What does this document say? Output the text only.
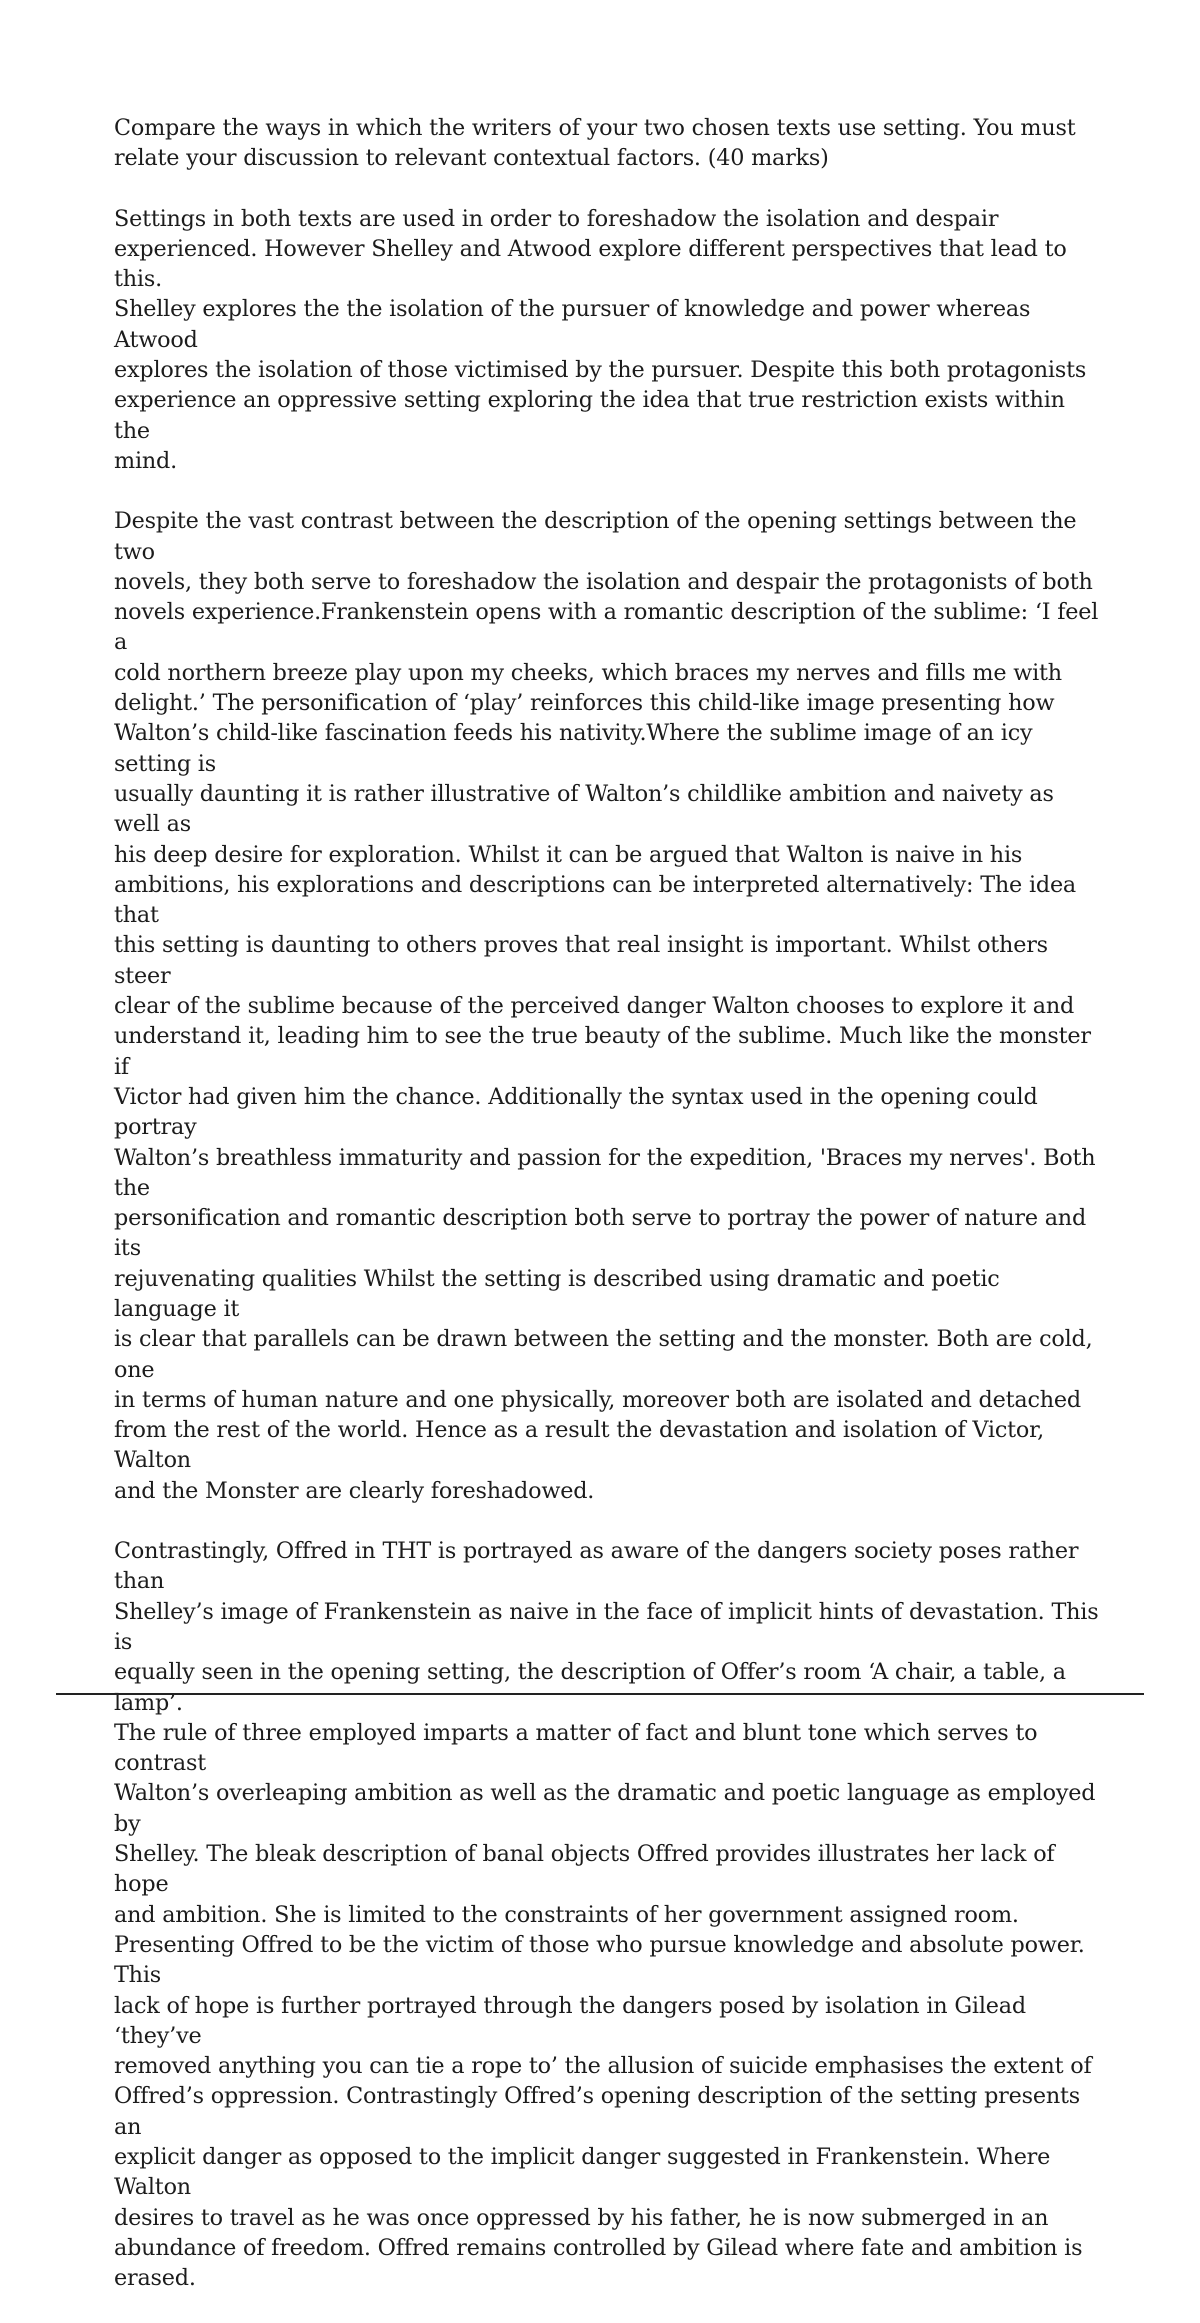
Compare the ways in which the writers of your two chosen texts use setting. You must
relate your discussion to relevant contextual factors. (40 marks)

Settings in both texts are used in order to foreshadow the isolation and despair
experienced. However Shelley and Atwood explore different perspectives that lead to this.
Shelley explores the the isolation of the pursuer of knowledge and power whereas Atwood
explores the isolation of those victimised by the pursuer. Despite this both protagonists
experience an oppressive setting exploring the idea that true restriction exists within the
mind.

Despite the vast contrast between the description of the opening settings between the two
novels, they both serve to foreshadow the isolation and despair the protagonists of both
novels experience.Frankenstein opens with a romantic description of the sublime: ‘I feel a
cold northern breeze play upon my cheeks, which braces my nerves and fills me with
delight.’ The personification of ‘play’ reinforces this child-like image presenting how
Walton’s child-like fascination feeds his nativity.Where the sublime image of an icy setting is
usually daunting it is rather illustrative of Walton’s childlike ambition and naivety as well as
his deep desire for exploration. Whilst it can be argued that Walton is naive in his
ambitions, his explorations and descriptions can be interpreted alternatively: The idea that
this setting is daunting to others proves that real insight is important. Whilst others steer
clear of the sublime because of the perceived danger Walton chooses to explore it and
understand it, leading him to see the true beauty of the sublime. Much like the monster if
Victor had given him the chance. Additionally the syntax used in the opening could portray
Walton’s breathless immaturity and passion for the expedition, 'Braces my nerves'. Both the
personification and romantic description both serve to portray the power of nature and its
rejuvenating qualities Whilst the setting is described using dramatic and poetic language it
is clear that parallels can be drawn between the setting and the monster. Both are cold, one
in terms of human nature and one physically, moreover both are isolated and detached
from the rest of the world. Hence as a result the devastation and isolation of Victor, Walton
and the Monster are clearly foreshadowed.

Contrastingly, Offred in THT is portrayed as aware of the dangers society poses rather than
Shelley’s image of Frankenstein as naive in the face of implicit hints of devastation. This is
equally seen in the opening setting, the description of Offer’s room ‘A chair, a table, a lamp’.
The rule of three employed imparts a matter of fact and blunt tone which serves to contrast
Walton’s overleaping ambition as well as the dramatic and poetic language as employed by
Shelley. The bleak description of banal objects Offred provides illustrates her lack of hope
and ambition. She is limited to the constraints of her government assigned room.
Presenting Offred to be the victim of those who pursue knowledge and absolute power. This
lack of hope is further portrayed through the dangers posed by isolation in Gilead ‘they’ve
removed anything you can tie a rope to’ the allusion of suicide emphasises the extent of
Offred’s oppression. Contrastingly Offred’s opening description of the setting presents an
explicit danger as opposed to the implicit danger suggested in Frankenstein. Where Walton
desires to travel as he was once oppressed by his father, he is now submerged in an
abundance of freedom. Offred remains controlled by Gilead where fate and ambition is
erased.
